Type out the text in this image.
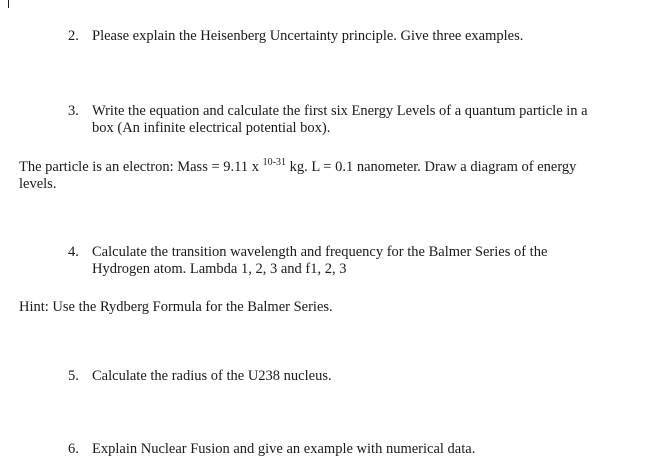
2. Please explain the Heisenberg Uncertainty principle. Give three examples.
3. Write the equation and calculate the first six Energy Levels of a quantum particle in a
box (An infinite electrical potential box).
The particle is an electron: Mass = 9.11 x $^{10-31}$ kg. L = 0.1 nanometer. Draw a diagram of energy
levels.
4. Calculate the transition wavelength and frequency for the Balmer Series of the
Hydrogen atom. Lambda 1, 2, 3 and f1, 2, 3
Hint: Use the Rydberg Formula for the Balmer Series.
5. Calculate the radius of the U238 nucleus.
6. Explain Nuclear Fusion and give an example with numerical data.
